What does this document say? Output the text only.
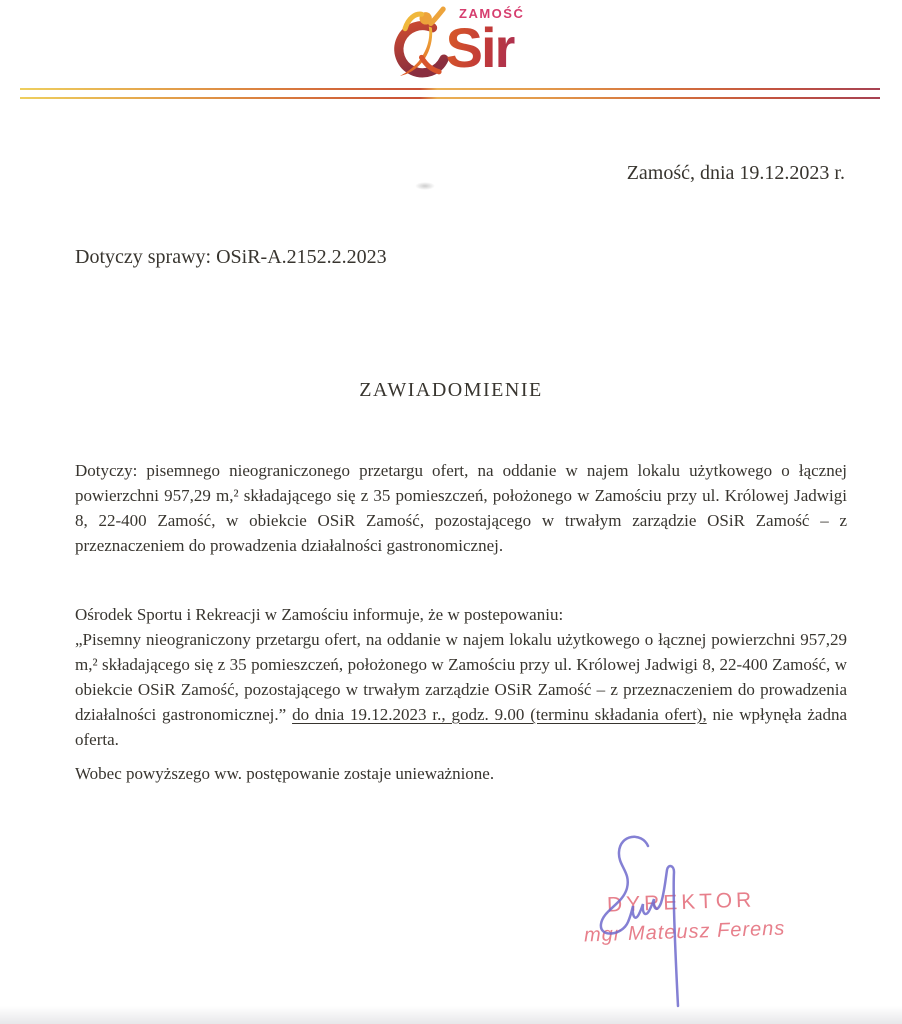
ZAMOŚĆ
Sir
Zamość, dnia 19.12.2023 r.
Dotyczy sprawy: OSiR-A.2152.2.2023
ZAWIADOMIENIE

Dotyczy: pisemnego nieograniczonego przetargu ofert, na oddanie w najem lokalu użytkowego o łącznej powierzchni 957,29 m,² składającego się z 35 pomieszczeń, położonego w Zamościu przy ul. Królowej Jadwigi 8, 22-400 Zamość, w obiekcie OSiR Zamość, pozostającego w trwałym zarządzie OSiR Zamość – z przeznaczeniem do prowadzenia działalności gastronomicznej.

Ośrodek Sportu i Rekreacji w Zamościu informuje, że w postepowaniu:

„Pisemny nieograniczony przetargu ofert, na oddanie w najem lokalu użytkowego o łącznej powierzchni 957,29 m,² składającego się z 35 pomieszczeń, położonego w Zamościu przy ul. Królowej Jadwigi 8, 22-400 Zamość, w obiekcie OSiR Zamość, pozostającego w trwałym zarządzie OSiR Zamość – z przeznaczeniem do prowadzenia działalności gastronomicznej.” do dnia 19.12.2023 r., godz. 9.00 (terminu składania ofert), nie wpłynęła żadna oferta.

Wobec powyższego ww. postępowanie zostaje unieważnione.

DYREKTOR
mgr Mateusz Ferens
